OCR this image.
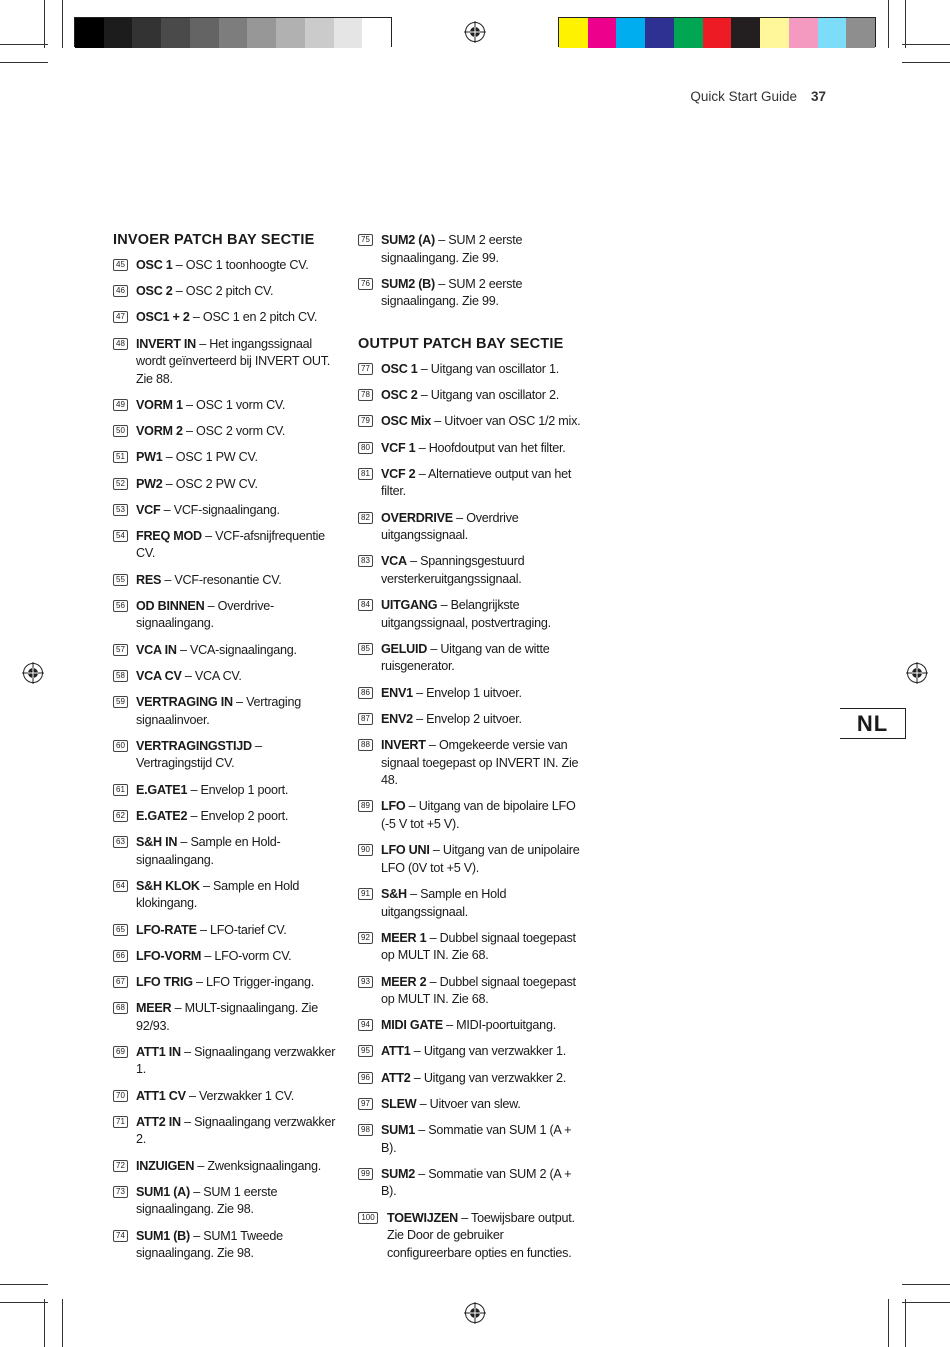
Quick Start Guide 37
NL
INVOER PATCH BAY SECTIE
45 OSC 1 – OSC 1 toonhoogte CV.
46 OSC 2 – OSC 2 pitch CV.
47 OSC1 + 2 – OSC 1 en 2 pitch CV.
48 INVERT IN – Het ingangssignaal wordt geïnverteerd bij INVERT OUT. Zie 88.
49 VORM 1 – OSC 1 vorm CV.
50 VORM 2 – OSC 2 vorm CV.
51 PW1 – OSC 1 PW CV.
52 PW2 – OSC 2 PW CV.
53 VCF – VCF-signaalingang.
54 FREQ MOD – VCF-afsnijfrequentie CV.
55 RES – VCF-resonantie CV.
56 OD BINNEN – Overdrive-signaalingang.
57 VCA IN – VCA-signaalingang.
58 VCA CV – VCA CV.
59 VERTRAGING IN – Vertraging signaalinvoer.
60 VERTRAGINGSTIJD – Vertragingstijd CV.
61 E.GATE1 – Envelop 1 poort.
62 E.GATE2 – Envelop 2 poort.
63 S&H IN – Sample en Hold-signaalingang.
64 S&H KLOK – Sample en Hold klokingang.
65 LFO-RATE – LFO-tarief CV.
66 LFO-VORM – LFO-vorm CV.
67 LFO TRIG – LFO Trigger-ingang.
68 MEER – MULT-signaalingang. Zie 92/93.
69 ATT1 IN – Signaalingang verzwakker 1.
70 ATT1 CV – Verzwakker 1 CV.
71 ATT2 IN – Signaalingang verzwakker 2.
72 INZUIGEN – Zwenksignaalingang.
73 SUM1 (A) – SUM 1 eerste signaalingang. Zie 98.
74 SUM1 (B) – SUM1 Tweede signaalingang. Zie 98.
75 SUM2 (A) – SUM 2 eerste signaalingang. Zie 99.
76 SUM2 (B) – SUM 2 eerste signaalingang. Zie 99.
OUTPUT PATCH BAY SECTIE
77 OSC 1 – Uitgang van oscillator 1.
78 OSC 2 – Uitgang van oscillator 2.
79 OSC Mix – Uitvoer van OSC 1/2 mix.
80 VCF 1 – Hoofdoutput van het filter.
81 VCF 2 – Alternatieve output van het filter.
82 OVERDRIVE – Overdrive uitgangssignaal.
83 VCA – Spanningsgestuurd versterkeruitgangssignaal.
84 UITGANG – Belangrijkste uitgangssignaal, postvertraging.
85 GELUID – Uitgang van de witte ruisgenerator.
86 ENV1 – Envelop 1 uitvoer.
87 ENV2 – Envelop 2 uitvoer.
88 INVERT – Omgekeerde versie van signaal toegepast op INVERT IN. Zie 48.
89 LFO – Uitgang van de bipolaire LFO (-5 V tot +5 V).
90 LFO UNI – Uitgang van de unipolaire LFO (0V tot +5 V).
91 S&H – Sample en Hold uitgangssignaal.
92 MEER 1 – Dubbel signaal toegepast op MULT IN. Zie 68.
93 MEER 2 – Dubbel signaal toegepast op MULT IN. Zie 68.
94 MIDI GATE – MIDI-poortuitgang.
95 ATT1 – Uitgang van verzwakker 1.
96 ATT2 – Uitgang van verzwakker 2.
97 SLEW – Uitvoer van slew.
98 SUM1 – Sommatie van SUM 1 (A + B).
99 SUM2 – Sommatie van SUM 2 (A + B).
100 TOEWIJZEN – Toewijsbare output. Zie Door de gebruiker configureerbare opties en functies.
